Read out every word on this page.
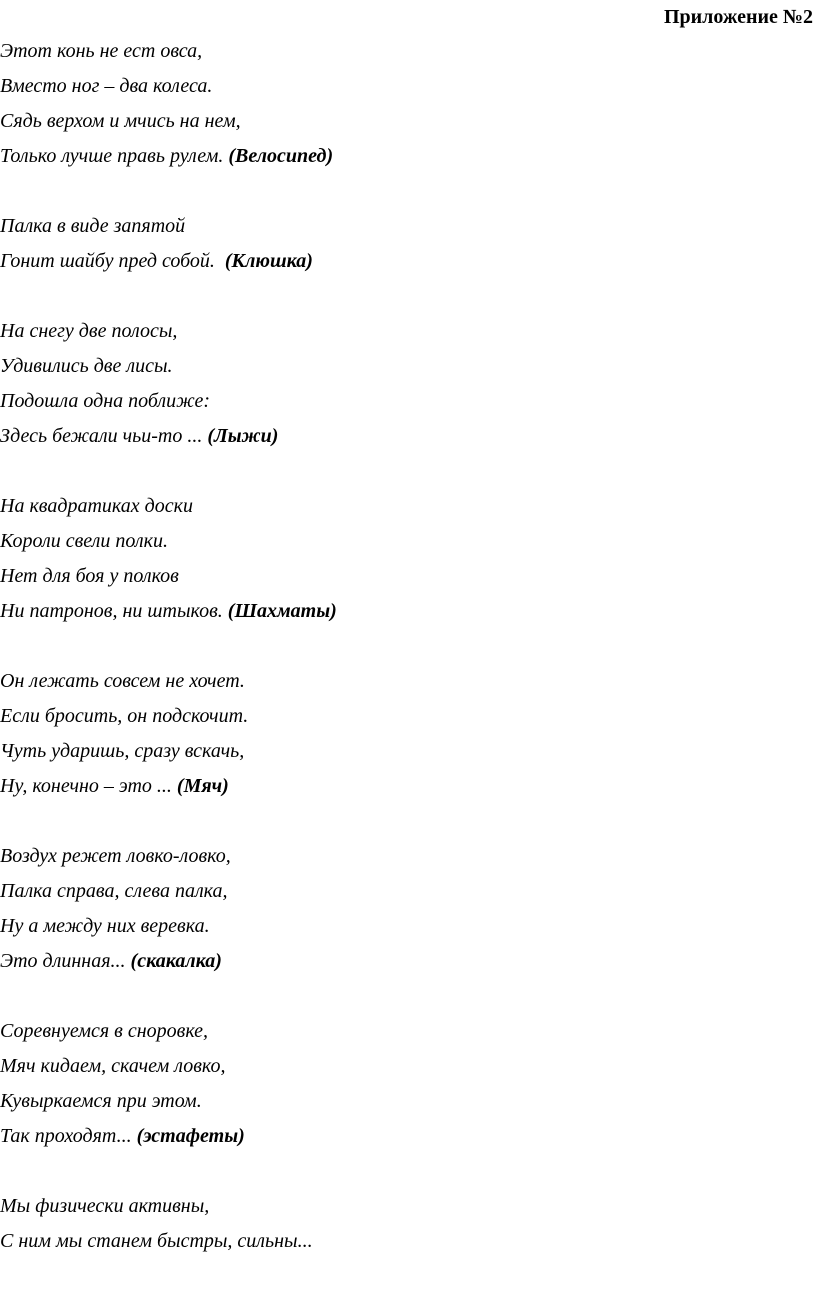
Приложение №2
Этот конь не ест овса,
Вместо ног – два колеса.
Сядь верхом и мчись на нем,
Только лучше правь рулем. (Велосипед)
Палка в виде запятой
Гонит шайбу пред собой.  (Клюшка)
На снегу две полосы,
Удивились две лисы.
Подошла одна поближе:
Здесь бежали чьи-то ... (Лыжи)
На квадратиках доски
Короли свели полки.
Нет для боя у полков
Ни патронов, ни штыков. (Шахматы)
Он лежать совсем не хочет.
Если бросить, он подскочит.
Чуть ударишь, сразу вскачь,
Ну, конечно – это ... (Мяч)
Воздух режет ловко-ловко,
Палка справа, слева палка,
Ну а между них веревка.
Это длинная... (скакалка)
Соревнуемся в сноровке,
Мяч кидаем, скачем ловко,
Кувыркаемся при этом.
Так проходят... (эстафеты)
Мы физически активны,
С ним мы станем быстры, сильны...
